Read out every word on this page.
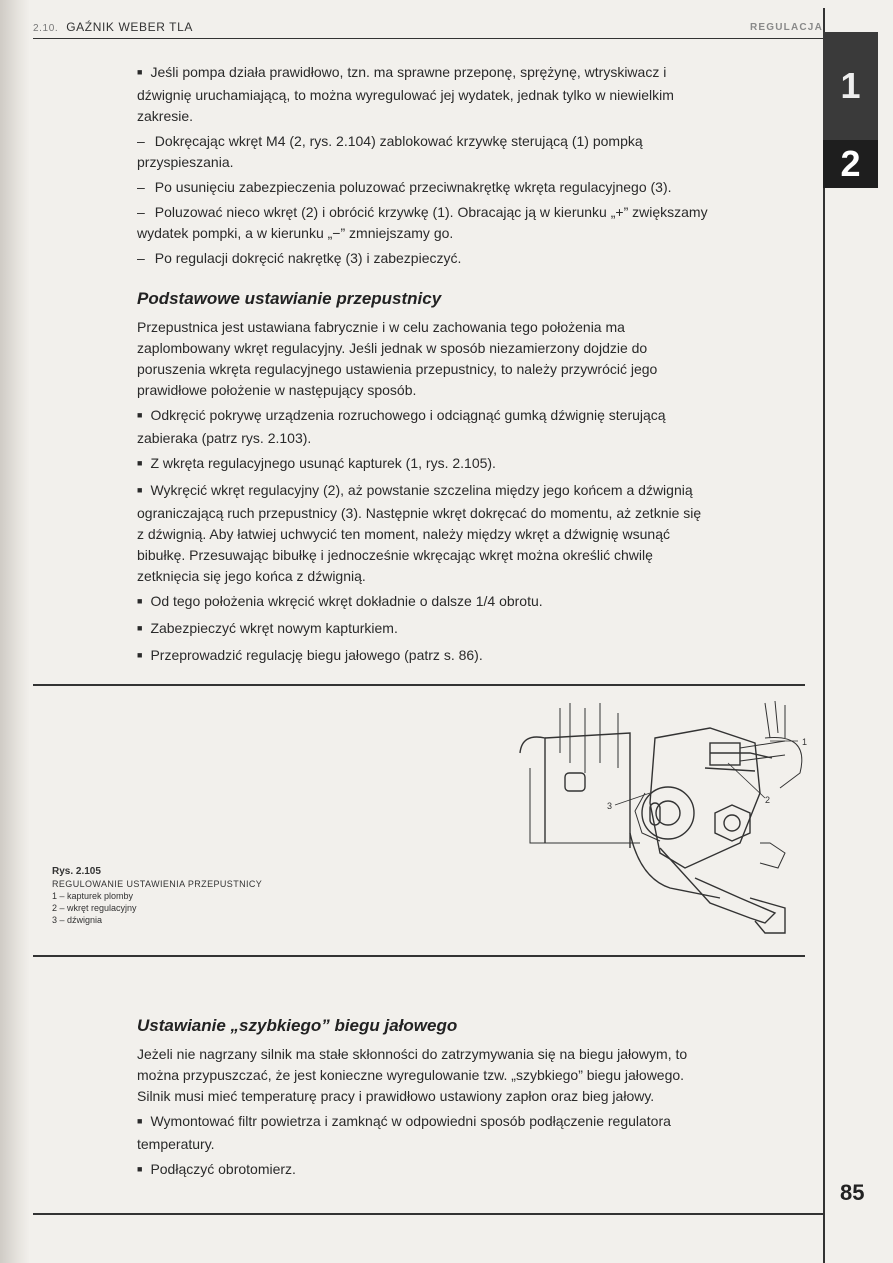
2.10. GAŹNIK WEBER TLA	REGULACJA
1
2

■ Jeśli pompa działa prawidłowo, tzn. ma sprawne przeponę, sprężynę, wtryskiwacz i dźwignię uruchamiającą, to można wyregulować jej wydatek, jednak tylko w niewielkim zakresie.

– Dokręcając wkręt M4 (2, rys. 2.104) zablokować krzywkę sterującą (1) pompką przyspieszania.

– Po usunięciu zabezpieczenia poluzować przeciwnakrętkę wkręta regulacyjnego (3).

– Poluzować nieco wkręt (2) i obrócić krzywkę (1). Obracając ją w kierunku „+” zwiększamy wydatek pompki, a w kierunku „−” zmniejszamy go.

– Po regulacji dokręcić nakrętkę (3) i zabezpieczyć.

Podstawowe ustawianie przepustnicy

Przepustnica jest ustawiana fabrycznie i w celu zachowania tego położenia ma zaplombowany wkręt regulacyjny. Jeśli jednak w sposób niezamierzony dojdzie do poruszenia wkręta regulacyjnego ustawienia przepustnicy, to należy przywrócić jego prawidłowe położenie w następujący sposób.

■ Odkręcić pokrywę urządzenia rozruchowego i odciągnąć gumką dźwignię sterującą zabieraka (patrz rys. 2.103).

■ Z wkręta regulacyjnego usunąć kapturek (1, rys. 2.105).

■ Wykręcić wkręt regulacyjny (2), aż powstanie szczelina między jego końcem a dźwignią ograniczającą ruch przepustnicy (3). Następnie wkręt dokręcać do momentu, aż zetknie się z dźwignią. Aby łatwiej uchwycić ten moment, należy między wkręt a dźwignię wsunąć bibułkę. Przesuwając bibułkę i jednocześnie wkręcając wkręt można określić chwilę zetknięcia się jego końca z dźwignią.

■ Od tego położenia wkręcić wkręt dokładnie o dalsze 1/4 obrotu.

■ Zabezpieczyć wkręt nowym kapturkiem.

■ Przeprowadzić regulację biegu jałowego (patrz s. 86).

1
2
3
Rys. 2.105
REGULOWANIE USTAWIENIA PRZEPUSTNICY
1 – kapturek plomby
2 – wkręt regulacyjny
3 – dźwignia
Ustawianie „szybkiego” biegu jałowego

Jeżeli nie nagrzany silnik ma stałe skłonności do zatrzymywania się na biegu jałowym, to można przypuszczać, że jest konieczne wyregulowanie tzw. „szybkiego” biegu jałowego. Silnik musi mieć temperaturę pracy i prawidłowo ustawiony zapłon oraz bieg jałowy.

■ Wymontować filtr powietrza i zamknąć w odpowiedni sposób podłączenie regulatora temperatury.

■ Podłączyć obrotomierz.

85
